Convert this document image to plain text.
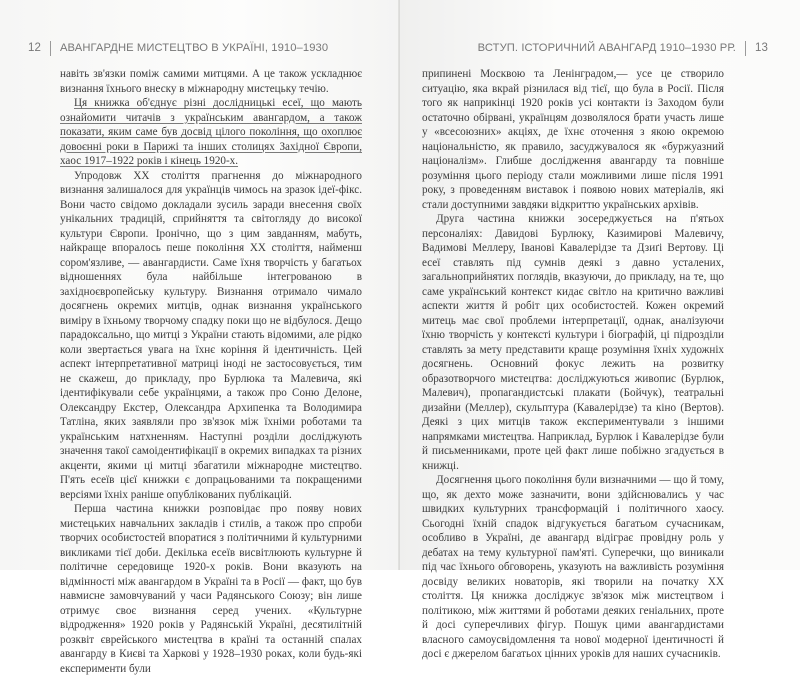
12 АВАНГАРДНЕ МИСТЕЦТВО В УКРАЇНІ, 1910–1930

навіть зв'язки поміж самими митцями. А це також ускладнює визнання їхнього внеску в міжнародну мистецьку течію.

Ця книжка об'єднує різні дослідницькі есеї, що мають ознайомити читачів з українським авангардом, а також показати, яким саме був досвід цілого покоління, що охоплює довоєнні роки в Парижі та інших столицях Західної Європи, хаос 1917–1922 років і кінець 1920-х.

Упродовж XX століття прагнення до міжнародного визнання залишалося для українців чимось на зразок ідеї-фікс. Вони часто свідомо докладали зусиль заради внесення своїх унікальних традицій, сприйняття та світогляду до високої культури Європи. Іронічно, що з цим завданням, мабуть, найкраще впоралось пеше покоління XX століття, найменш сором'язливе, — авангардисти. Саме їхня творчість у багатьох відношеннях була найбільше інтегрованою в західноєвропейську культуру. Визнання отримало чимало досягнень окремих митців, однак визнання українського виміру в їхньому творчому спадку поки що не відбулося. Дещо парадоксально, що митці з України стають відомими, але рідко коли звертається увага на їхнє коріння й ідентичність. Цей аспект інтерпретативної матриці іноді не застосовується, тим не скажеш, до прикладу, про Бурлюка та Малевича, які ідентифікували себе українцями, а також про Соню Делоне, Олександру Екстер, Олександра Архипенка та Володимира Татліна, яких заявляли про зв'язок між їхніми роботами та українським натхненням. Наступні розділи досліджують значення такої самоідентифікації в окремих випадках та різних акценти, якими ці митці збагатили міжнародне мистецтво. П'ять есеїв цієї книжки є допрацьованими та покращеними версіями їхніх раніше опублікованих публікацій.

Перша частина книжки розповідає про появу нових мистецьких навчальних закладів і стилів, а також про спроби творчих особистостей впоратися з політичними й культурними викликами тієї доби. Декілька есеїв висвітлюють культурне й політичне середовище 1920-х років. Вони вказують на відмінності між авангардом в Україні та в Росії — факт, що був навмисне замовчуваний у часи Радянського Союзу; він лише отримує своє визнання серед учених. «Культурне відродження» 1920 років у Радянській Україні, десятилітній розквіт єврейського мистецтва в країні та останній спалах авангарду в Києві та Харкові у 1928–1930 роках, коли будь-які експерименти були

ВСТУП. ІСТОРИЧНИЙ АВАНГАРД 1910–1930 РР. 13

припинені Москвою та Ленінградом,— усе це створило ситуацію, яка вкрай різнилася від тієї, що була в Росії. Після того як наприкінці 1920 років усі контакти із Заходом були остаточно обірвані, українцям дозволялося брати участь лише у «всесоюзних» акціях, де їхнє оточення з якою окремою національністю, як правило, засуджувалося як «буржуазний націоналізм». Глибше дослідження авангарду та повніше розуміння цього періоду стали можливими лише після 1991 року, з проведенням виставок і появою нових матеріалів, які стали доступними завдяки відкриттю українських архівів.

Друга частина книжки зосереджується на п'ятьох персоналіях: Давидові Бурлюку, Казимирові Малевичу, Вадимові Меллеру, Іванові Кавалерідзе та Дзиґі Вертову. Ці есеї ставлять під сумнів деякі з давно усталених, загальноприйнятих поглядів, вказуючи, до прикладу, на те, що саме український контекст кидає світло на критично важливі аспекти життя й робіт цих особистостей. Кожен окремий митець має свої проблеми інтерпретації, однак, аналізуючи їхню творчість у контексті культури і біографій, ці підрозділи ставлять за мету представити краще розуміння їхніх художніх досягнень. Основний фокус лежить на розвитку образотворчого мистецтва: досліджуються живопис (Бурлюк, Малевич), пропагандистські плакати (Бойчук), театральні дизайни (Меллер), скульптура (Кавалерідзе) та кіно (Вертов). Деякі з цих митців також експериментували з іншими напрямками мистецтва. Наприклад, Бурлюк і Кавалерідзе були й письменниками, проте цей факт лише побіжно згадується в книжці.

Досягнення цього покоління були визначними — що й тому, що, як дехто може зазначити, вони здійснювались у час швидких культурних трансформацій і політичного хаосу. Сьогодні їхній спадок відгукується багатьом сучасникам, особливо в Україні, де авангард відіграє провідну роль у дебатах на тему культурної пам'яті. Суперечки, що виникали під час їхнього обговорень, указують на важливість розуміння досвіду великих новаторів, які творили на початку XX століття. Ця книжка досліджує зв'язок між мистецтвом і політикою, між життями й роботами деяких геніальних, проте й досі суперечливих фігур. Пошук цими авангардистами власного самоусвідомлення та нової модерної ідентичності й досі є джерелом багатьох цінних уроків для наших сучасників.
